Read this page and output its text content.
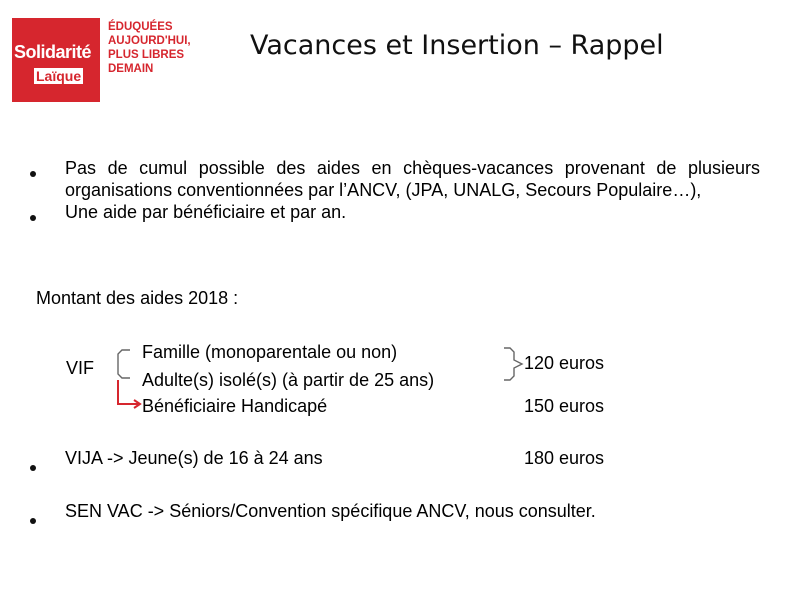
Solidarité
Laïque
ÉDUQUÉES
AUJOURD'HUI,
PLUS LIBRES
DEMAIN
Vacances et Insertion – Rappel
Pas de cumul possible des aides en chèques-vacances provenant de plusieurs organisations conventionnées par l’ANCV, (JPA, UNALG, Secours Populaire…),
Une aide par bénéficiaire et par an.
Montant des aides 2018 :
VIF
Famille (monoparentale ou non)
Adulte(s) isolé(s) (à partir de 25 ans)
Bénéficiaire Handicapé
120 euros
150 euros
VIJA -> Jeune(s) de 16 à 24 ans	180 euros
SEN VAC -> Séniors/Convention spécifique ANCV, nous consulter.
